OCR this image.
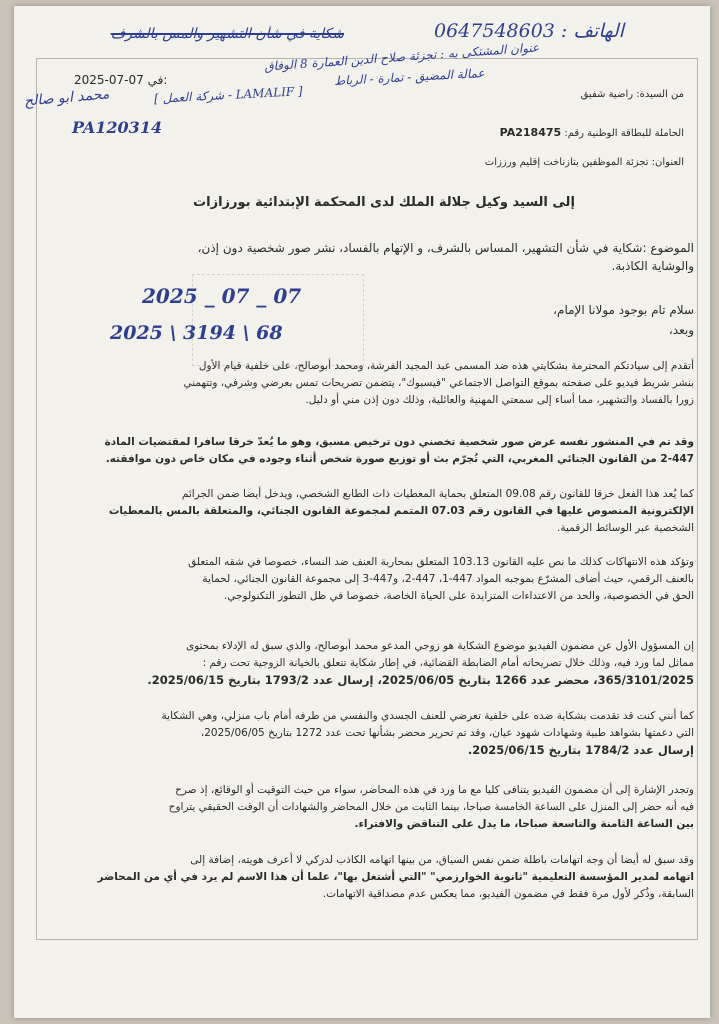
الهاتف : 0647548603
شكاية في شأن التشهير والمس بالشرف
عنوان المشتكى به : تجزئة صلاح الدين العمارة 8 الوفاق
عمالة المضيق - تمارة - الرباط
[ LAMALIF - شركة العمل ]
محمد ابو صالح
PA120314
2025 _ 07 _ 07
2025 \ 3194 \ 68
2025-07-07 في:
من السيدة: راضية شفيق
الحاملة للبطاقة الوطنية رقم: PA218475
العنوان: تجزئة الموظفين بتازناخت إقليم ورززات
إلى السيد وكيل جلالة الملك لدى المحكمة الإبتدائية بورزازات
الموضوع :شكاية في شأن التشهير، المساس بالشرف، و الإتهام بالفساد، نشر صور شخصية دون إذن،
والوشاية الكاذبة.
سلام تام بوجود مولانا الإمام،
وبعد،
أتقدم إلى سيادتكم المحترمة بشكايتي هذه ضد المسمى عبد المجيد الفرشة، ومحمد أبوصالح، على خلفية قيام الأول
بنشر شريط فيديو على صفحته بموقع التواصل الاجتماعي "فيسبوك"، يتضمن تصريحات تمس بعرضي وشرفي، وتتهمني
زورا بالفساد والتشهير، مما أساء إلى سمعتي المهنية والعائلية، وذلك دون إذن مني أو دليل.
وقد تم في المنشور نفسه عرض صور شخصية تخصني دون ترخيص مسبق، وهو ما يُعدّ خرقا سافرا لمقتضيات المادة
2-447 من القانون الجنائي المغربي، التي تُجرّم بث أو توزيع صورة شخص أثناء وجوده في مكان خاص دون موافقته.
كما يُعد هذا الفعل خرقا للقانون رقم 09.08 المتعلق بحماية المعطيات ذات الطابع الشخصي، ويدخل أيضا ضمن الجرائم
الإلكترونية المنصوص عليها في القانون رقم 07.03 المتمم لمجموعة القانون الجنائي، والمتعلقة بالمس بالمعطيات
الشخصية عبر الوسائط الرقمية.
وتؤكد هذه الانتهاكات كذلك ما نص عليه القانون 103.13 المتعلق بمحاربة العنف ضد النساء، خصوصا في شقه المتعلق
بالعنف الرقمي، حيث أضاف المشرّع بموجبه المواد 447-1، 447-2، و447-3 إلى مجموعة القانون الجنائي، لحماية
الحق في الخصوصية، والحد من الاعتداءات المتزايدة على الحياة الخاصة، خصوصا في ظل التطور التكنولوجي.
إن المسؤول الأول عن مضمون الفيديو موضوع الشكاية هو زوجي المدعو محمد أبوصالح، والذي سبق له الإدلاء بمحتوى
مماثل لما ورد فيه، وذلك خلال تصريحاته أمام الضابطة القضائية، في إطار شكاية تتعلق بالخيانة الزوجية تحت رقم :
365/3101/2025، محضر عدد 1266 بتاريخ 2025/06/05، إرسال عدد 1793/2 بتاريخ 2025/06/15.
كما أنني كنت قد تقدمت بشكاية ضده على خلفية تعرضي للعنف الجسدي والنفسي من طرفه أمام باب منزلي، وهي الشكاية
التي دعمتها بشواهد طبية وشهادات شهود عيان، وقد تم تحرير محضر بشأنها تحت عدد 1272 بتاريخ 2025/06/05،
إرسال عدد 1784/2 بتاريخ 2025/06/15.
وتجدر الإشارة إلى أن مضمون الفيديو يتنافى كليا مع ما ورد في هذه المحاضر، سواء من حيث التوقيت أو الوقائع، إذ صرح
فيه أنه حضر إلى المنزل على الساعة الخامسة صباحا، بينما الثابت من خلال المحاضر والشهادات أن الوقت الحقيقي يتراوح
بين الساعة الثامنة والتاسعة صباحا، ما يدل على التناقض والافتراء.
وقد سبق له أيضا أن وجه اتهامات باطلة ضمن نفس السياق، من بينها اتهامه الكاذب لدركي لا أعرف هويته، إضافة إلى
اتهامه لمدير المؤسسة التعليمية "ثانوية الخوارزمي" "التي أشتغل بها"، علما أن هذا الاسم لم يرد في أي من المحاضر
السابقة، وذُكر لأول مرة فقط في مضمون الفيديو، مما يعكس عدم مصداقية الاتهامات.
